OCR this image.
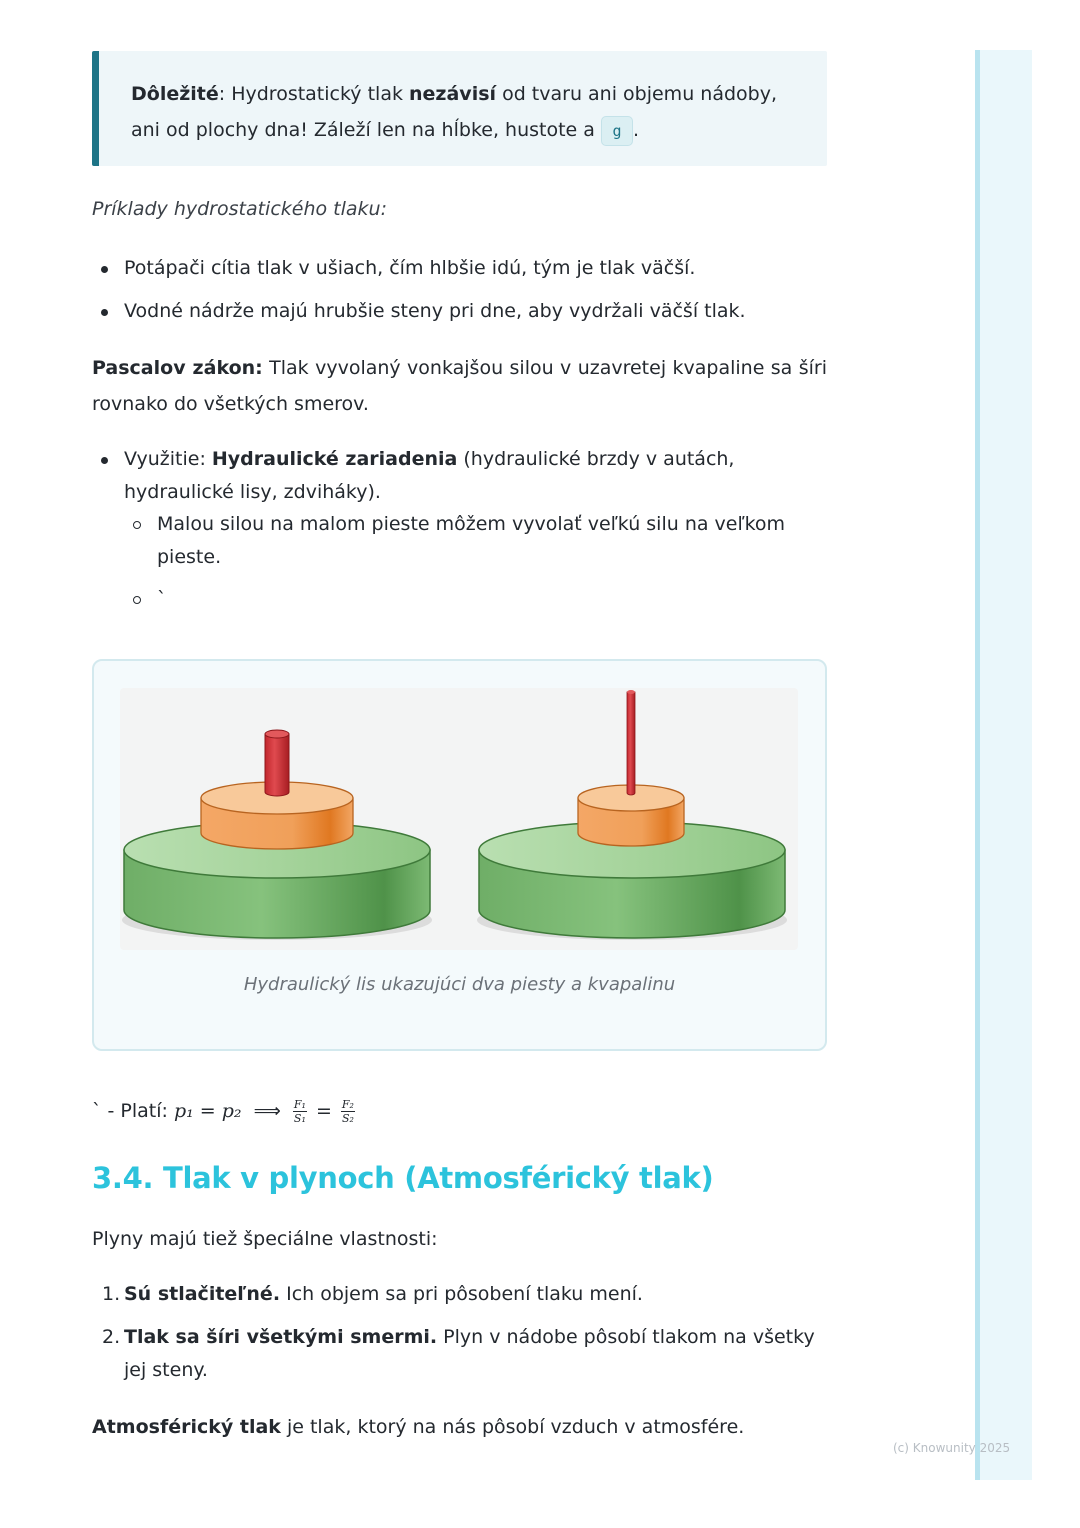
Dôležité: Hydrostatický tlak nezávisí od tvaru ani objemu nádoby, ani od plochy dna! Záleží len na hĺbke, hustote a g .
Príklady hydrostatického tlaku:
Potápači cítia tlak v ušiach, čím hlbšie idú, tým je tlak väčší.
Vodné nádrže majú hrubšie steny pri dne, aby vydržali väčší tlak.
Pascalov zákon: Tlak vyvolaný vonkajšou silou v uzavretej kvapaline sa šíri rovnako do všetkých smerov.
Využitie: Hydraulické zariadenia (hydraulické brzdy v autách, hydraulické lisy, zdviháky).
Malou silou na malom pieste môžem vyvolať veľkú silu na veľkom pieste.
`
Hydraulický lis ukazujúci dva piesty a kvapalinu
` - Platí: p₁ = p₂ ⟹ $\frac{\text{F₁}}{\text{S₁}} = \frac{\text{F₂}}{\text{S₂}}$
3.4. Tlak v plynoch (Atmosférický tlak)
Plyny majú tiež špeciálne vlastnosti:
1. Sú stlačiteľné. Ich objem sa pri pôsobení tlaku mení.
2. Tlak sa šíri všetkými smermi. Plyn v nádobe pôsobí tlakom na všetky jej steny.
Atmosférický tlak je tlak, ktorý na nás pôsobí vzduch v atmosfére.
(c) Knowunity 2025
